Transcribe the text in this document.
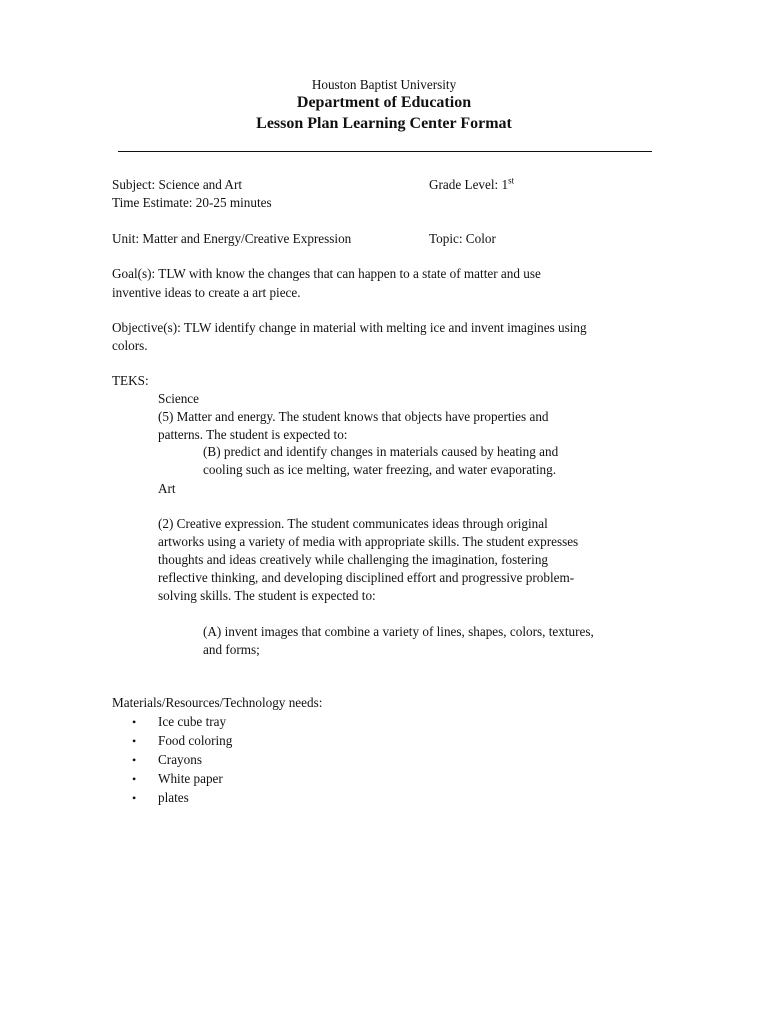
Houston Baptist University
Department of Education
Lesson Plan Learning Center Format
Subject: Science and Art	Grade Level: 1st
Time Estimate: 20-25 minutes
Unit: Matter and Energy/Creative Expression	Topic: Color
Goal(s): TLW with know the changes that can happen to a state of matter and use
inventive ideas to create a art piece.
Objective(s): TLW identify change in material with melting ice and invent imagines using
colors.
TEKS:
Science
(5) Matter and energy. The student knows that objects have properties and
patterns. The student is expected to:
(B) predict and identify changes in materials caused by heating and
cooling such as ice melting, water freezing, and water evaporating.
Art
(2) Creative expression. The student communicates ideas through original
artworks using a variety of media with appropriate skills. The student expresses
thoughts and ideas creatively while challenging the imagination, fostering
reflective thinking, and developing disciplined effort and progressive problem-
solving skills. The student is expected to:
(A) invent images that combine a variety of lines, shapes, colors, textures,
and forms;
Materials/Resources/Technology needs:
• Ice cube tray
• Food coloring
• Crayons
• White paper
• plates
